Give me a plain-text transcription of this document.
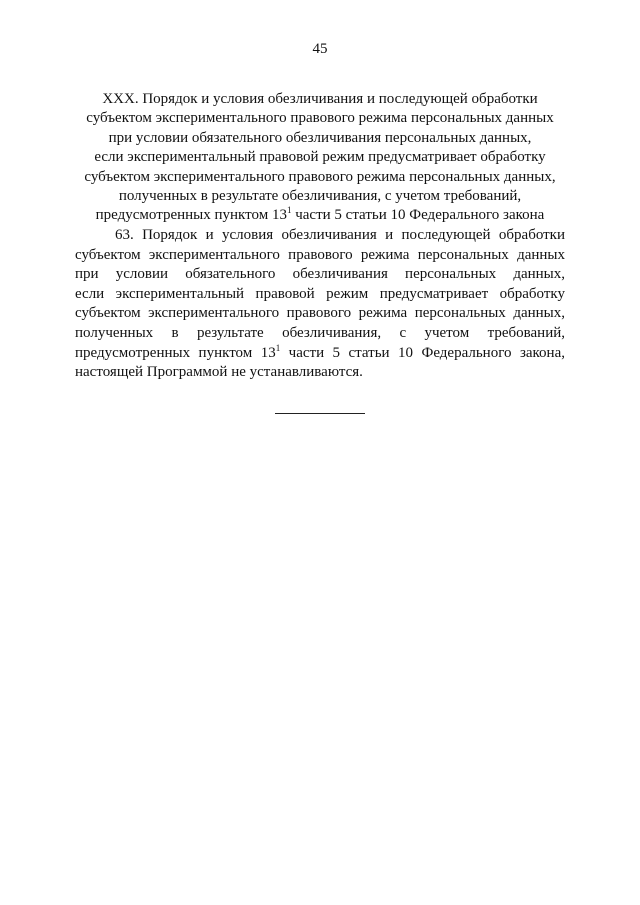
45
XXX. Порядок и условия обезличивания и последующей обработки
субъектом экспериментального правового режима персональных данных
при условии обязательного обезличивания персональных данных,
если экспериментальный правовой режим предусматривает обработку
субъектом экспериментального правового режима персональных данных,
полученных в результате обезличивания, с учетом требований,
предусмотренных пунктом $13^1$ части 5 статьи 10 Федерального закона
63. Порядок и условия обезличивания и последующей обработки
субъектом экспериментального правового режима персональных данных
при условии обязательного обезличивания персональных данных,
если экспериментальный правовой режим предусматривает обработку
субъектом экспериментального правового режима персональных данных,
полученных в результате обезличивания, с учетом требований,
предусмотренных пунктом $13^1$ части 5 статьи 10 Федерального закона,
настоящей Программой не устанавливаются.
